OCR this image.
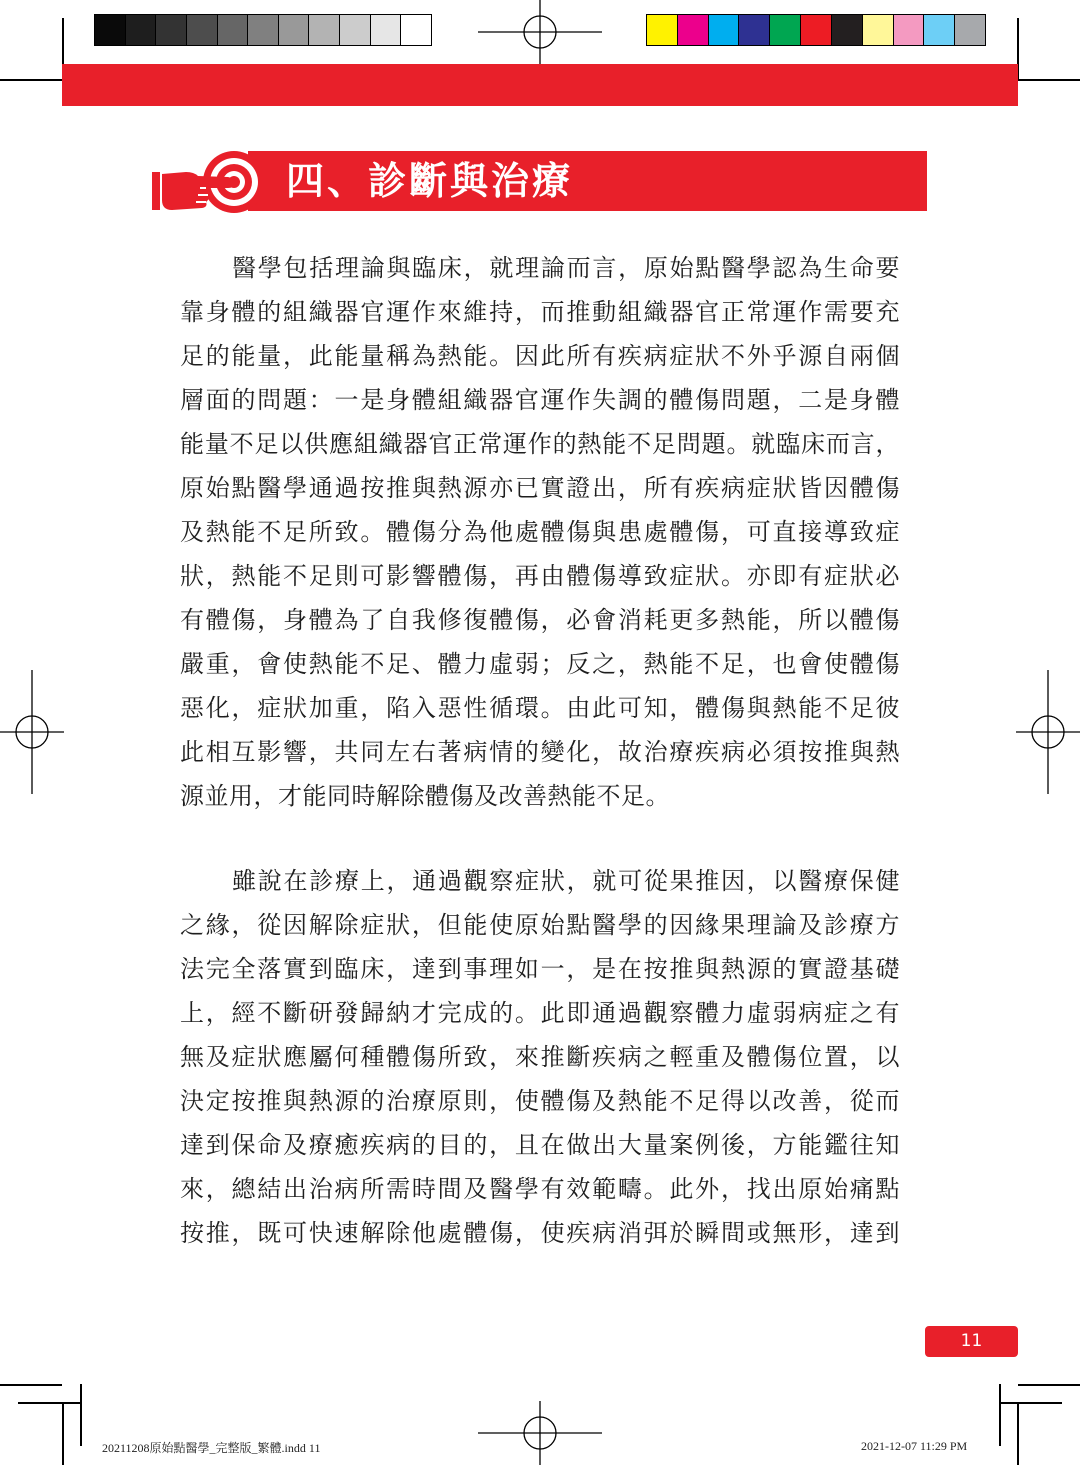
四、診斷與治療
醫學包括理論與臨床，就理論而言，原始點醫學認為生命要
靠身體的組織器官運作來維持，而推動組織器官正常運作需要充
足的能量，此能量稱為熱能。因此所有疾病症狀不外乎源自兩個
層面的問題：一是身體組織器官運作失調的體傷問題，二是身體
能量不足以供應組織器官正常運作的熱能不足問題。就臨床而言，
原始點醫學通過按推與熱源亦已實證出，所有疾病症狀皆因體傷
及熱能不足所致。體傷分為他處體傷與患處體傷，可直接導致症
狀，熱能不足則可影響體傷，再由體傷導致症狀。亦即有症狀必
有體傷，身體為了自我修復體傷，必會消耗更多熱能，所以體傷
嚴重，會使熱能不足、體力虛弱；反之，熱能不足，也會使體傷
惡化，症狀加重，陷入惡性循環。由此可知，體傷與熱能不足彼
此相互影響，共同左右著病情的變化，故治療疾病必須按推與熱
源並用，才能同時解除體傷及改善熱能不足。
雖說在診療上，通過觀察症狀，就可從果推因，以醫療保健
之緣，從因解除症狀，但能使原始點醫學的因緣果理論及診療方
法完全落實到臨床，達到事理如一，是在按推與熱源的實證基礎
上，經不斷研發歸納才完成的。此即通過觀察體力虛弱病症之有
無及症狀應屬何種體傷所致，來推斷疾病之輕重及體傷位置，以
決定按推與熱源的治療原則，使體傷及熱能不足得以改善，從而
達到保命及療癒疾病的目的，且在做出大量案例後，方能鑑往知
來，總結出治病所需時間及醫學有效範疇。此外，找出原始痛點
按推，既可快速解除他處體傷，使疾病消弭於瞬間或無形，達到
11
20211208原始點醫學_完整版_繁體.indd 11	2021-12-07 11:29 PM
